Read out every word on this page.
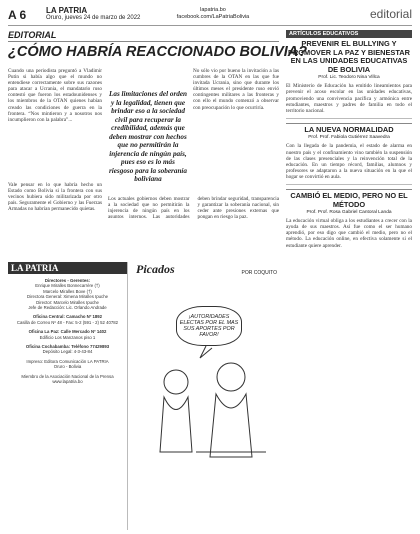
A 6 LA PATRIA
Oruro, jueves 24 de marzo de 2022
lapatria.bo
facebook.com/LaPatriaBolivia	editorial
EDITORIAL
¿CÓMO HABRÍA REACCIONADO BOLIVIA?
Cuando una periodista preguntó a Vladimir Putin si había algo que el mundo no entendiese correctamente sobre sus razones para atacar a Ucrania, el mandatario ruso contestó que fueron los estadounidenses y los miembros de la OTAN quienes habían creado las condiciones de guerra en la frontera. “Nos mintieron y a nosotros nos incumplieron con la palabra”...
Las limitaciones del orden y la legalidad, tienen que brindar eso a la sociedad civil para recuperar la credibilidad, además que deben mostrar con hechos que no permitirán la injerencia de ningún país, pues eso es lo más riesgoso para la soberanía boliviana
No sólo vio por bueno la invitación a las cumbres de la OTAN en las que fue invitada Ucrania, sino que durante los últimos meses el presidente ruso envió contingentes militares a las fronteras y con ello el mundo comenzó a observar con preocupación lo que ocurriría.
Vale pensar en lo que habría hecho un Estado como Bolivia si la frontera con sus vecinos hubiera sido militarizada por otro país. Seguramente el Gobierno y las Fuerzas Armadas no habrían permanecido quietas.
Los actuales gobiernos deben mostrar a la sociedad que no permitirán la injerencia de ningún país en los asuntos internos. Las autoridades deben brindar seguridad, transparencia y garantizar la soberanía nacional, sin ceder ante presiones externas que pongan en riesgo la paz.
LA PATRIA
Directores - Gerentes:
Enrique Miralles Bonnecarrère (†)
Marcelo Miralles Bove (†)
Directora General: Ximena Miralles Ipuche
Director: Marcelo Miralles Ipuche
Jefe de Redacción: Lic. Orlando Andrade
Oficina Central: Camacho Nº 1892
Casilla de Correo Nº 48 - Fax: 5-2 (591 - 2) 52 40782
Oficina La Paz: Calle Mercado Nº 1402
Edificio Los Manzanos piso 1
Oficina Cochabamba: Teléfono 77429893
Depósito Legal: 4-3-43-84
Impreso: Editora Comunicación LA PATRIA
Oruro - Bolivia
Miembro de la Asociación Nacional de la Prensa
www.lapatria.bo
Picados	POR COQUITO
¡AUTORIDADES ELECTAS POR EL MAS SUS APORTES POR FAVOR!
ARTÍCULOS EDUCATIVOS
PREVENIR EL BULLYING Y PROMOVER LA PAZ Y BIENESTAR EN LAS UNIDADES EDUCATIVAS DE BOLIVIA
Prof. Lic. Teodoro Nina Villca
El Ministerio de Educación ha emitido lineamientos para prevenir el acoso escolar en las unidades educativas, promoviendo una convivencia pacífica y armónica entre estudiantes, maestros y padres de familia en todo el territorio nacional.
LA NUEVA NORMALIDAD
Prof. Prof. Fabiola Gutiérrez Saavedra
Con la llegada de la pandemia, el estado de alarma en nuestro país y el confinamiento vino también la suspensión de las clases presenciales y la reinvención total de la educación. En un tiempo récord, familias, alumnos y profesores se adaptaron a la nueva situación en la que el hogar se convirtió en aula.
CAMBIÓ EL MEDIO, PERO NO EL MÉTODO
Prof. Prof. Rosa Gabriel Cantoral Landa
La educación virtual obliga a los estudiantes a crecer con la ayuda de sus maestros. Así fue como el ser humano aprendió, por eso digo que cambió el medio, pero no el método. La educación online, en efectiva solamente si el estudiante quiere aprender.
